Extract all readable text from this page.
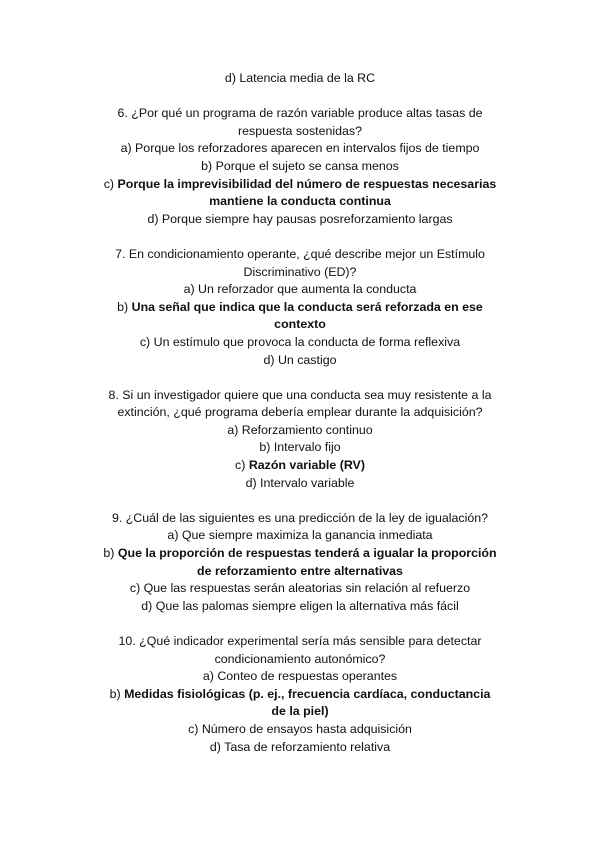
d) Latencia media de la RC

6. ¿Por qué un programa de razón variable produce altas tasas de

respuesta sostenidas?

a) Porque los reforzadores aparecen en intervalos fijos de tiempo

b) Porque el sujeto se cansa menos

c) Porque la imprevisibilidad del número de respuestas necesarias

mantiene la conducta continua

d) Porque siempre hay pausas posreforzamiento largas

7. En condicionamiento operante, ¿qué describe mejor un Estímulo

Discriminativo (ED)?

a) Un reforzador que aumenta la conducta

b) Una señal que indica que la conducta será reforzada en ese

contexto

c) Un estímulo que provoca la conducta de forma reflexiva

d) Un castigo

8. Si un investigador quiere que una conducta sea muy resistente a la

extinción, ¿qué programa debería emplear durante la adquisición?

a) Reforzamiento continuo

b) Intervalo fijo

c) Razón variable (RV)

d) Intervalo variable

9. ¿Cuál de las siguientes es una predicción de la ley de igualación?

a) Que siempre maximiza la ganancia inmediata

b) Que la proporción de respuestas tenderá a igualar la proporción

de reforzamiento entre alternativas

c) Que las respuestas serán aleatorias sin relación al refuerzo

d) Que las palomas siempre eligen la alternativa más fácil

10. ¿Qué indicador experimental sería más sensible para detectar

condicionamiento autonómico?

a) Conteo de respuestas operantes

b) Medidas fisiológicas (p. ej., frecuencia cardíaca, conductancia

de la piel)

c) Número de ensayos hasta adquisición

d) Tasa de reforzamiento relativa
